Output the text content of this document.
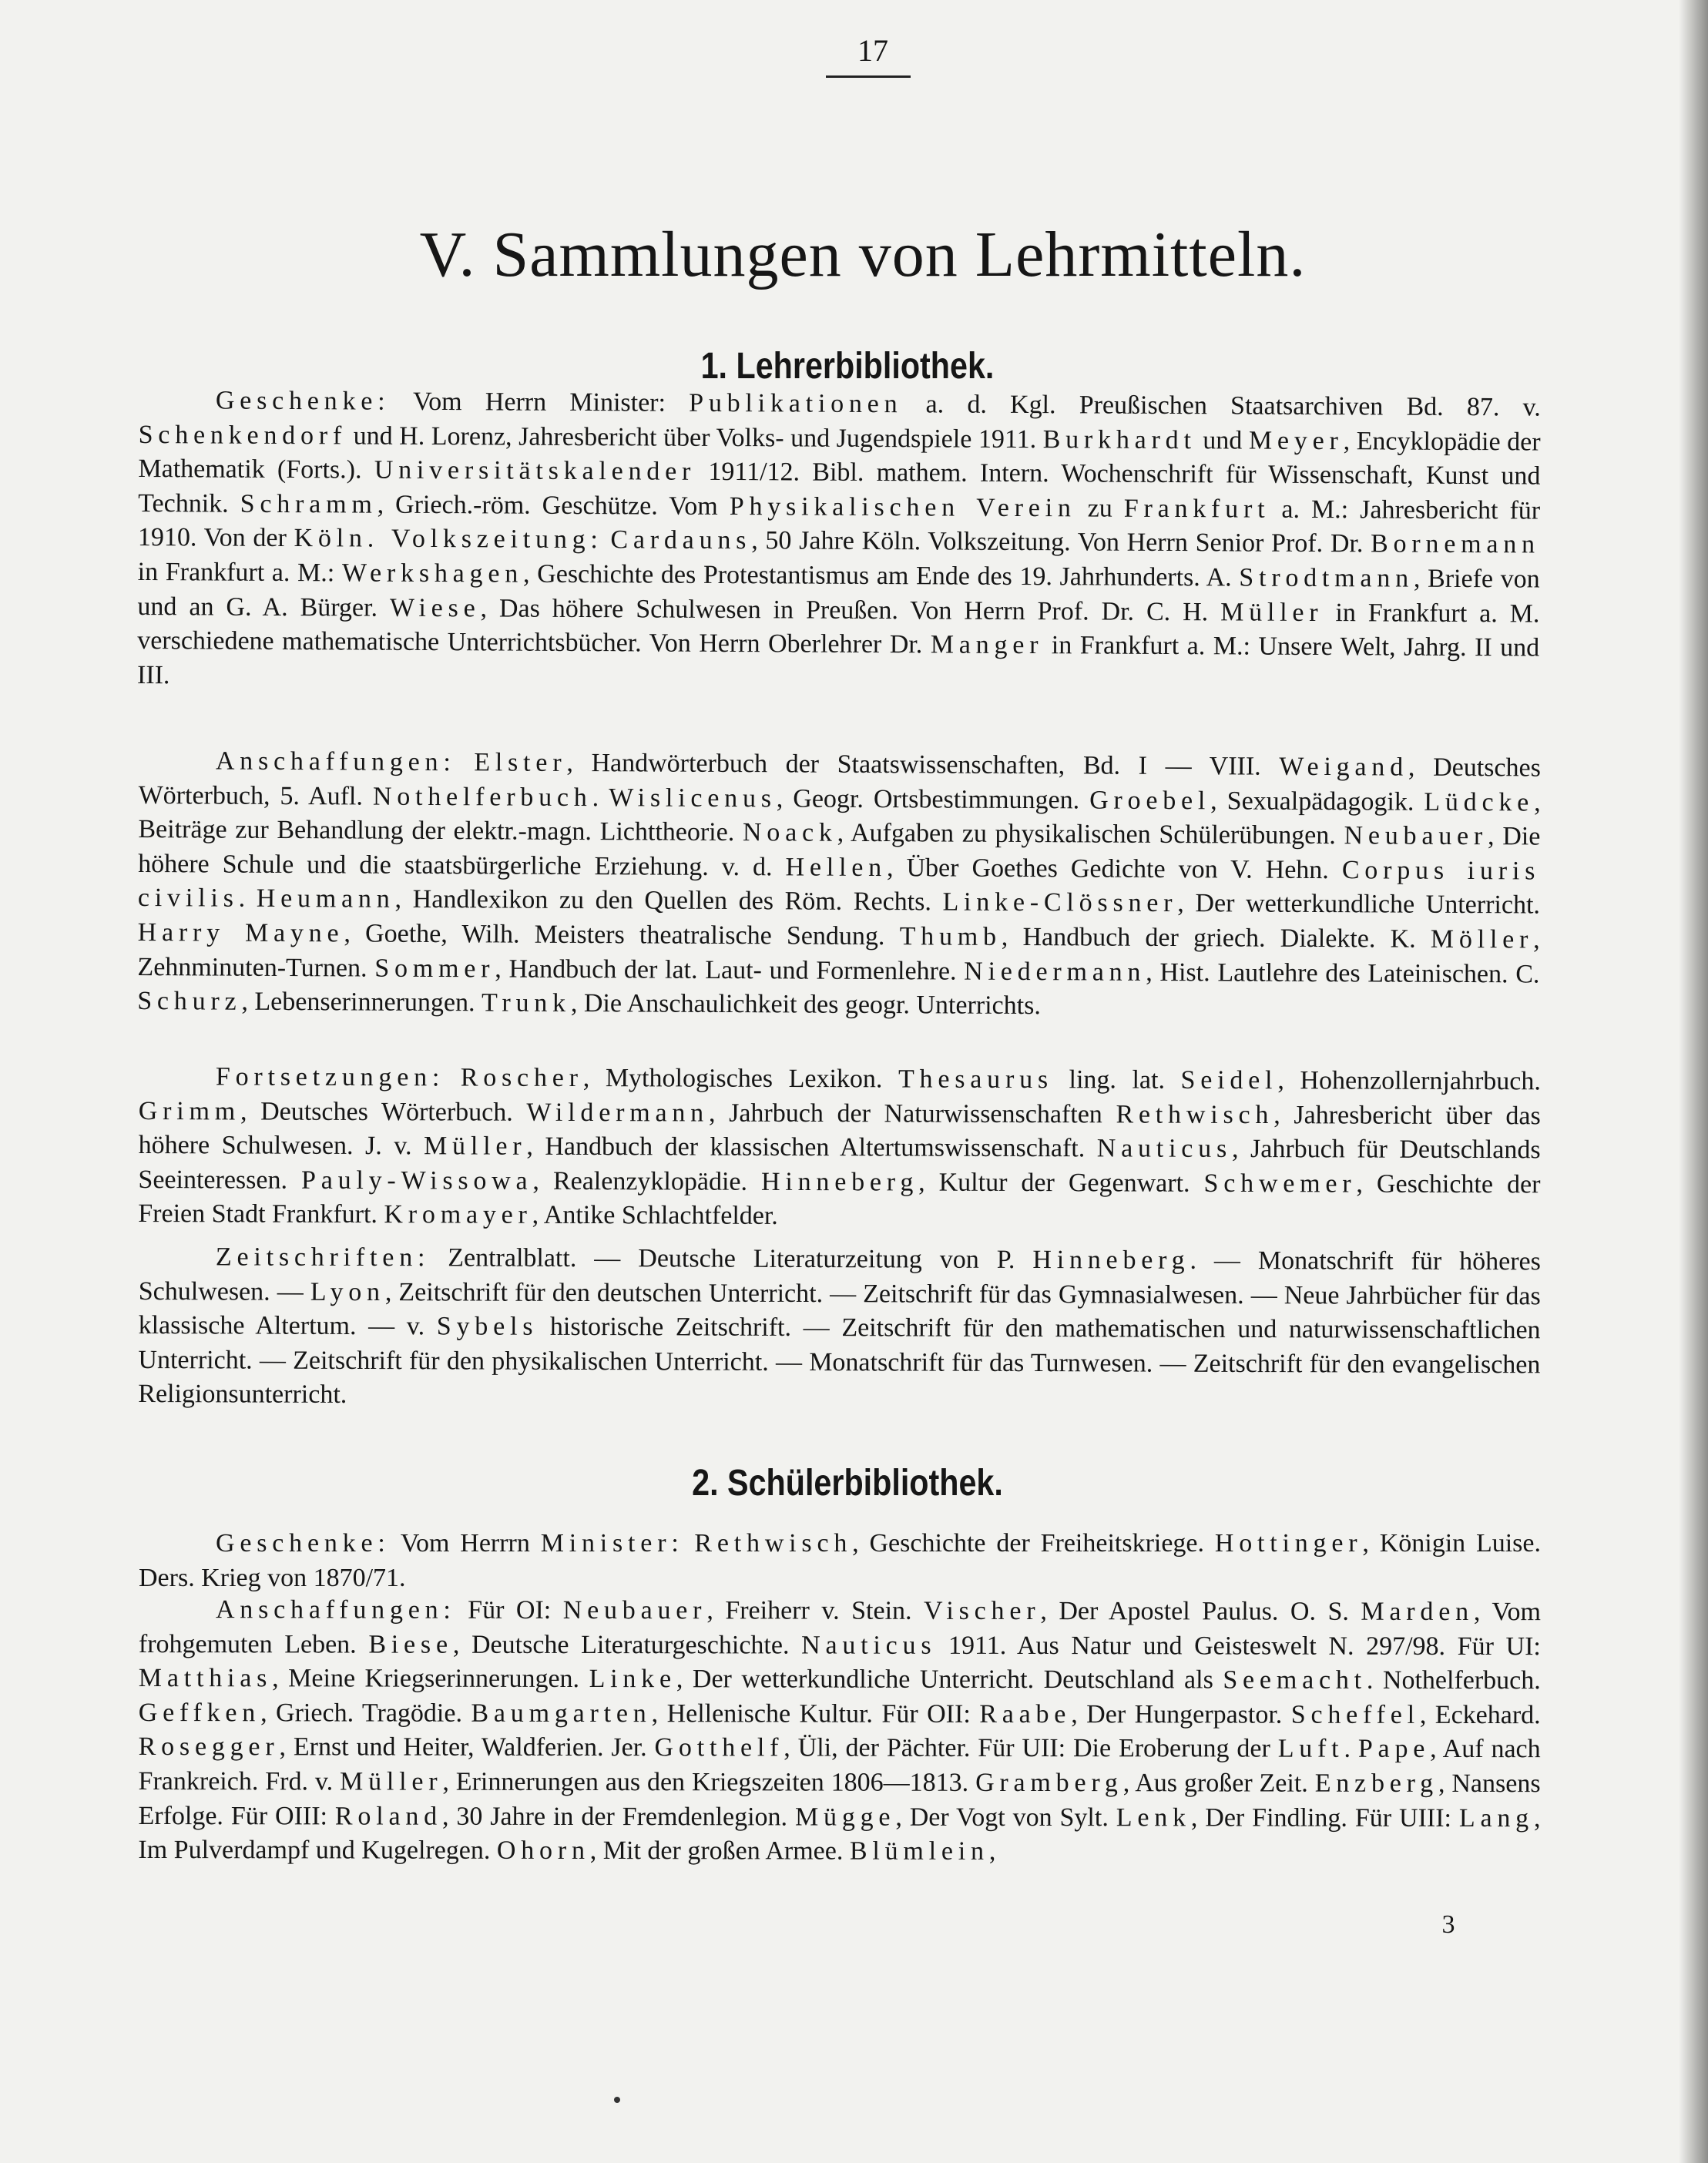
17
V. Sammlungen von Lehrmitteln.
1. Lehrerbibliothek.

Geschenke: Vom Herrn Minister: Publikationen a. d. Kgl. Preußischen Staatsarchiven Bd. 87. v. Schenkendorf und H. Lorenz, Jahresbericht über Volks- und Jugendspiele 1911. Burkhardt und Meyer, Encyklopädie der Mathematik (Forts.). Universitätskalender 1911/12. Bibl. mathem. Intern. Wochenschrift für Wissenschaft, Kunst und Technik. Schramm, Griech.-röm. Geschütze. Vom Physikalischen Verein zu Frankfurt a. M.: Jahresbericht für 1910. Von der Köln. Volkszeitung: Cardauns, 50 Jahre Köln. Volkszeitung. Von Herrn Senior Prof. Dr. Bornemann in Frankfurt a. M.: Werkshagen, Geschichte des Protestantismus am Ende des 19. Jahrhunderts. A. Strodtmann, Briefe von und an G. A. Bürger. Wiese, Das höhere Schulwesen in Preußen. Von Herrn Prof. Dr. C. H. Müller in Frankfurt a. M. verschiedene mathematische Unterrichtsbücher. Von Herrn Oberlehrer Dr. Manger in Frankfurt a. M.: Unsere Welt, Jahrg. II und III.

Anschaffungen: Elster, Handwörterbuch der Staatswissenschaften, Bd. I — VIII. Weigand, Deutsches Wörterbuch, 5. Aufl. Nothelferbuch. Wislicenus, Geogr. Ortsbestimmungen. Groebel, Sexualpädagogik. Lüdcke, Beiträge zur Behandlung der elektr.-magn. Lichttheorie. Noack, Aufgaben zu physikalischen Schülerübungen. Neubauer, Die höhere Schule und die staatsbürgerliche Erziehung. v. d. Hellen, Über Goethes Gedichte von V. Hehn. Corpus iuris civilis. Heumann, Handlexikon zu den Quellen des Röm. Rechts. Linke-Clössner, Der wetterkundliche Unterricht. Harry Mayne, Goethe, Wilh. Meisters theatralische Sendung. Thumb, Handbuch der griech. Dialekte. K. Möller, Zehnminuten-Turnen. Sommer, Handbuch der lat. Laut- und Formenlehre. Niedermann, Hist. Lautlehre des Lateinischen. C. Schurz, Lebenserinnerungen. Trunk, Die Anschaulichkeit des geogr. Unterrichts.

Fortsetzungen: Roscher, Mythologisches Lexikon. Thesaurus ling. lat. Seidel, Hohenzollernjahrbuch. Grimm, Deutsches Wörterbuch. Wildermann, Jahrbuch der Naturwissenschaften Rethwisch, Jahresbericht über das höhere Schulwesen. J. v. Müller, Handbuch der klassischen Altertumswissenschaft. Nauticus, Jahrbuch für Deutschlands Seeinteressen. Pauly-Wissowa, Realenzyklopädie. Hinneberg, Kultur der Gegenwart. Schwemer, Geschichte der Freien Stadt Frankfurt. Kromayer, Antike Schlachtfelder.

Zeitschriften: Zentralblatt. — Deutsche Literaturzeitung von P. Hinneberg. — Monatschrift für höheres Schulwesen. — Lyon, Zeitschrift für den deutschen Unterricht. — Zeitschrift für das Gymnasialwesen. — Neue Jahrbücher für das klassische Altertum. — v. Sybels historische Zeitschrift. — Zeitschrift für den mathematischen und naturwissenschaftlichen Unterricht. — Zeitschrift für den physikalischen Unterricht. — Monatschrift für das Turnwesen. — Zeitschrift für den evangelischen Religionsunterricht.

2. Schülerbibliothek.

Geschenke: Vom Herrrn Minister: Rethwisch, Geschichte der Freiheitskriege. Hottinger, Königin Luise. Ders. Krieg von 1870/71.

Anschaffungen: Für OI: Neubauer, Freiherr v. Stein. Vischer, Der Apostel Paulus. O. S. Marden, Vom frohgemuten Leben. Biese, Deutsche Literaturgeschichte. Nauticus 1911. Aus Natur und Geisteswelt N. 297/98. Für UI: Matthias, Meine Kriegserinnerungen. Linke, Der wetterkundliche Unterricht. Deutschland als Seemacht. Nothelferbuch. Geffken, Griech. Tragödie. Baumgarten, Hellenische Kultur. Für OII: Raabe, Der Hungerpastor. Scheffel, Eckehard. Rosegger, Ernst und Heiter, Waldferien. Jer. Gotthelf, Üli, der Pächter. Für UII: Die Eroberung der Luft. Pape, Auf nach Frankreich. Frd. v. Müller, Erinnerungen aus den Kriegszeiten 1806—1813. Gramberg, Aus großer Zeit. Enzberg, Nansens Erfolge. Für OIII: Roland, 30 Jahre in der Fremdenlegion. Mügge, Der Vogt von Sylt. Lenk, Der Findling. Für UIII: Lang, Im Pulverdampf und Kugelregen. Ohorn, Mit der großen Armee. Blümlein,

3
